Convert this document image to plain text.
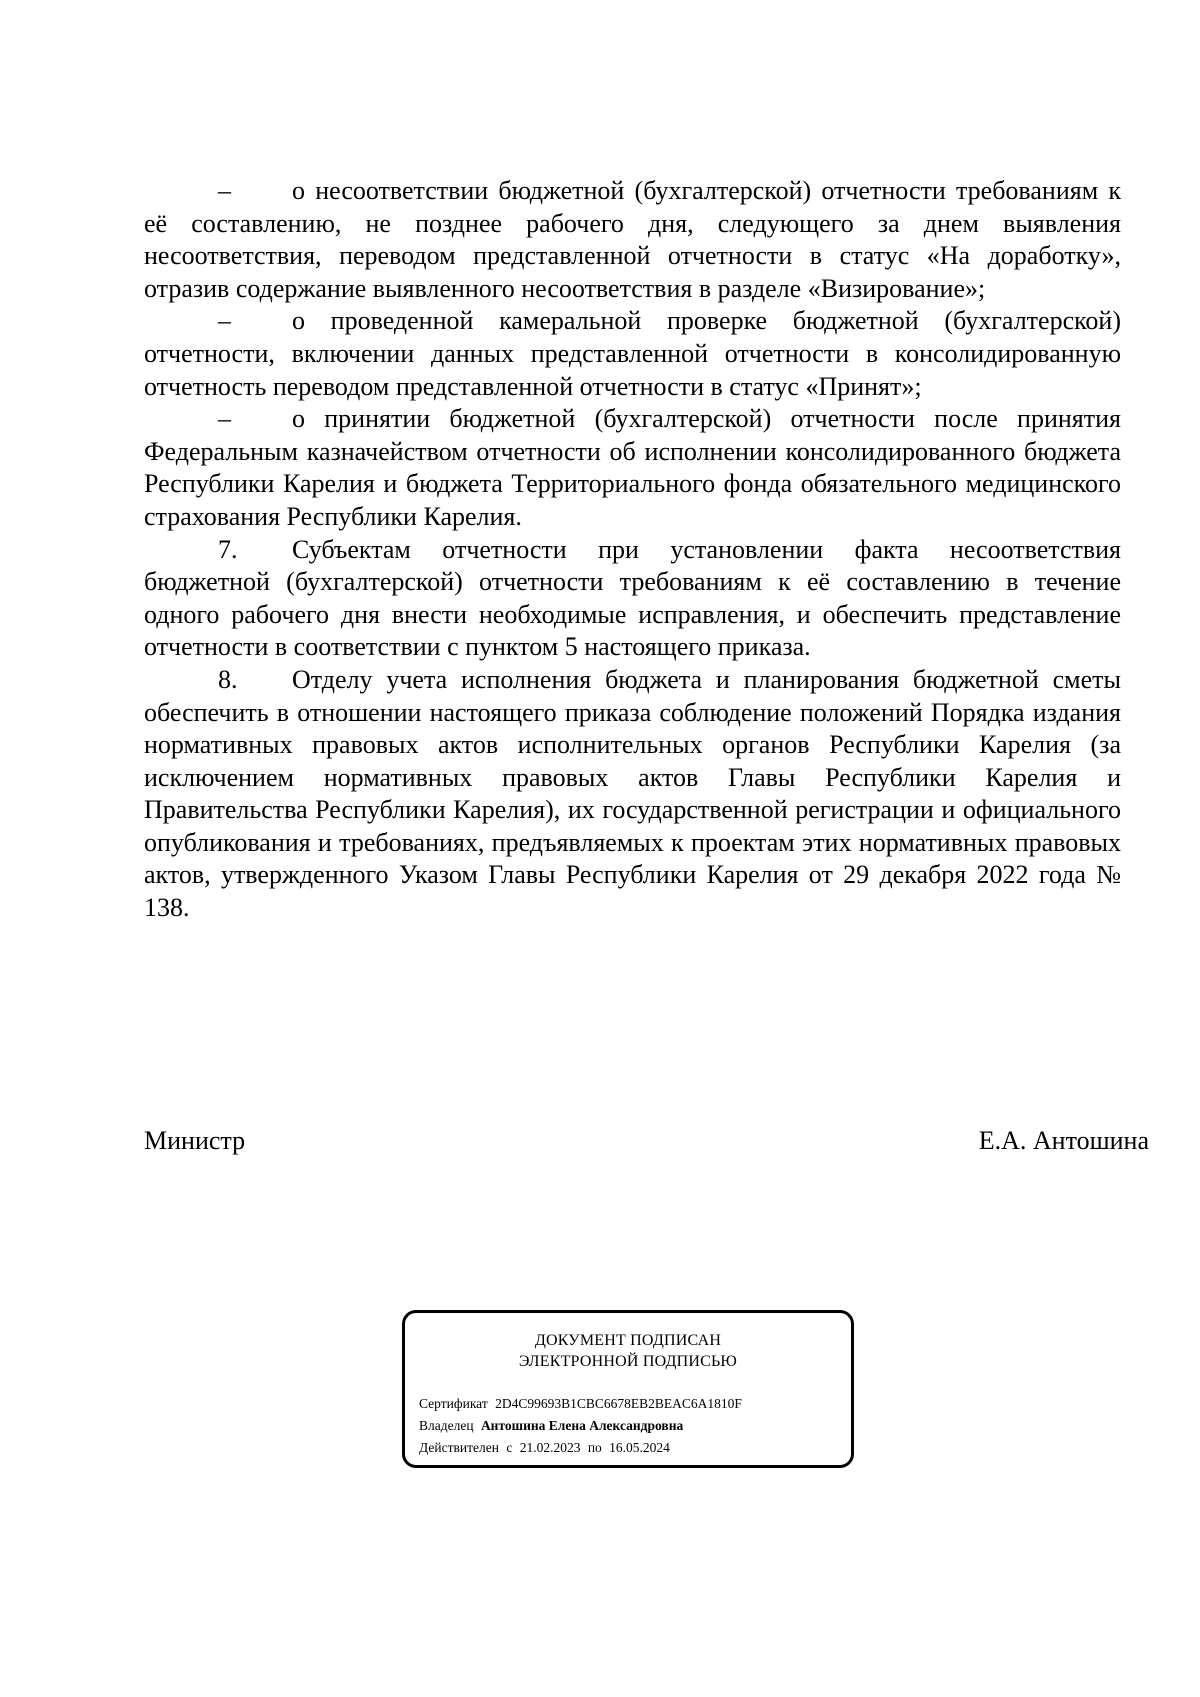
– о несоответствии бюджетной (бухгалтерской) отчетности требованиям к её составлению, не позднее рабочего дня, следующего за днем выявления несоответствия, переводом представленной отчетности в статус «На доработку», отразив содержание выявленного несоответствия в разделе «Визирование»;

– о проведенной камеральной проверке бюджетной (бухгалтерской) отчетности, включении данных представленной отчетности в консолидированную отчетность переводом представленной отчетности в статус «Принят»;

– о принятии бюджетной (бухгалтерской) отчетности после принятия Федеральным казначейством отчетности об исполнении консолидированного бюджета Республики Карелия и бюджета Территориального фонда обязательного медицинского страхования Республики Карелия.

7. Субъектам отчетности при установлении факта несоответствия бюджетной (бухгалтерской) отчетности требованиям к её составлению в течение одного рабочего дня внести необходимые исправления, и обеспечить представление отчетности в соответствии с пунктом 5 настоящего приказа.

8. Отделу учета исполнения бюджета и планирования бюджетной сметы обеспечить в отношении настоящего приказа соблюдение положений Порядка издания нормативных правовых актов исполнительных органов Республики Карелия (за исключением нормативных правовых актов Главы Республики Карелия и Правительства Республики Карелия), их государственной регистрации и официального опубликования и требованиях, предъявляемых к проектам этих нормативных правовых актов, утвержденного Указом Главы Республики Карелия от 29 декабря 2022 года № 138.

Министр	Е.А. Антошина
ДОКУМЕНТ ПОДПИСАН
ЭЛЕКТРОННОЙ ПОДПИСЬЮ
Сертификат 2D4C99693B1CBC6678EB2BEAC6A1810F
Владелец Антошина Елена Александровна
Действителен с 21.02.2023 по 16.05.2024
